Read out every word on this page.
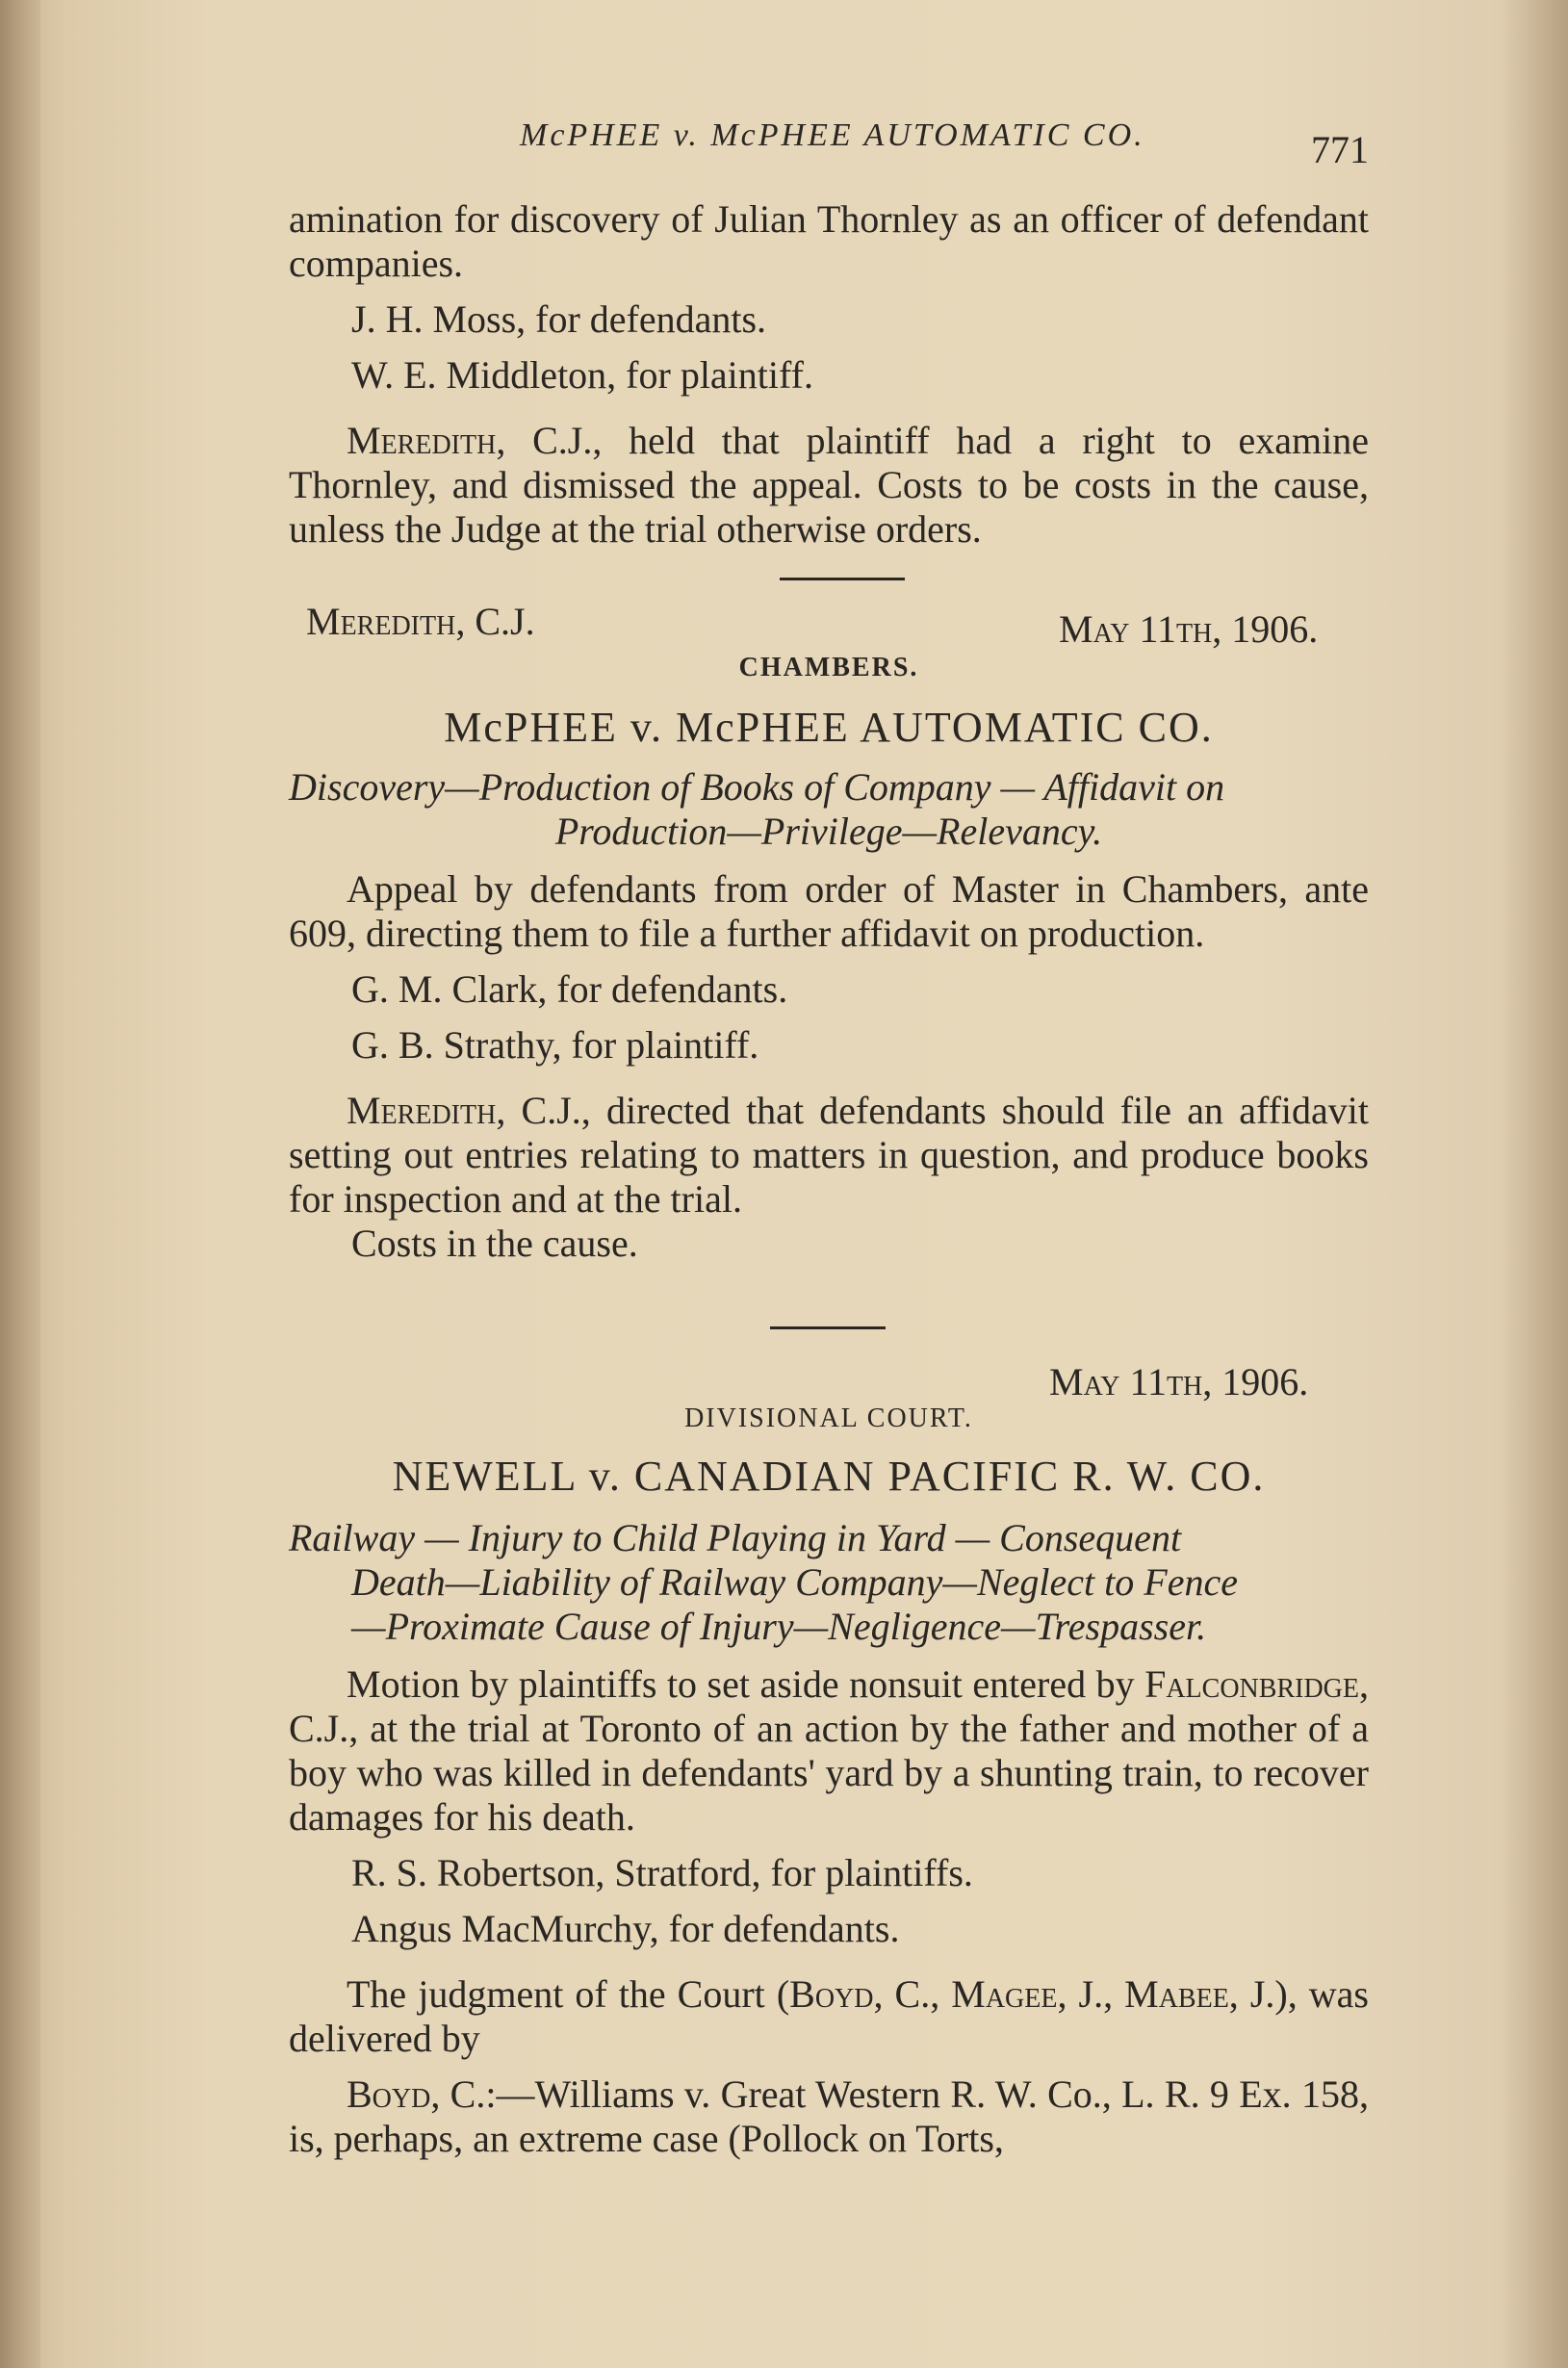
McPHEE v. McPHEE AUTOMATIC CO.	771

amination for discovery of Julian Thornley as an officer of defendant companies.

J. H. Moss, for defendants.

W. E. Middleton, for plaintiff.

Meredith, C.J., held that plaintiff had a right to examine Thornley, and dismissed the appeal. Costs to be costs in the cause, unless the Judge at the trial otherwise orders.

Meredith, C.J.	May 11th, 1906.
CHAMBERS.
McPHEE v. McPHEE AUTOMATIC CO.

Discovery—Production of Books of Company — Affidavit on

Production—Privilege—Relevancy.

Appeal by defendants from order of Master in Chambers, ante 609, directing them to file a further affidavit on production.

G. M. Clark, for defendants.

G. B. Strathy, for plaintiff.

Meredith, C.J., directed that defendants should file an affidavit setting out entries relating to matters in question, and produce books for inspection and at the trial.

Costs in the cause.

May 11th, 1906.
DIVISIONAL COURT.
NEWELL v. CANADIAN PACIFIC R. W. CO.

Railway — Injury to Child Playing in Yard — Consequent

Death—Liability of Railway Company—Neglect to Fence

—Proximate Cause of Injury—Negligence—Trespasser.

Motion by plaintiffs to set aside nonsuit entered by Falconbridge, C.J., at the trial at Toronto of an action by the father and mother of a boy who was killed in defendants' yard by a shunting train, to recover damages for his death.

R. S. Robertson, Stratford, for plaintiffs.

Angus MacMurchy, for defendants.

The judgment of the Court (Boyd, C., Magee, J., Mabee, J.), was delivered by

Boyd, C.:—Williams v. Great Western R. W. Co., L. R. 9 Ex. 158, is, perhaps, an extreme case (Pollock on Torts,
